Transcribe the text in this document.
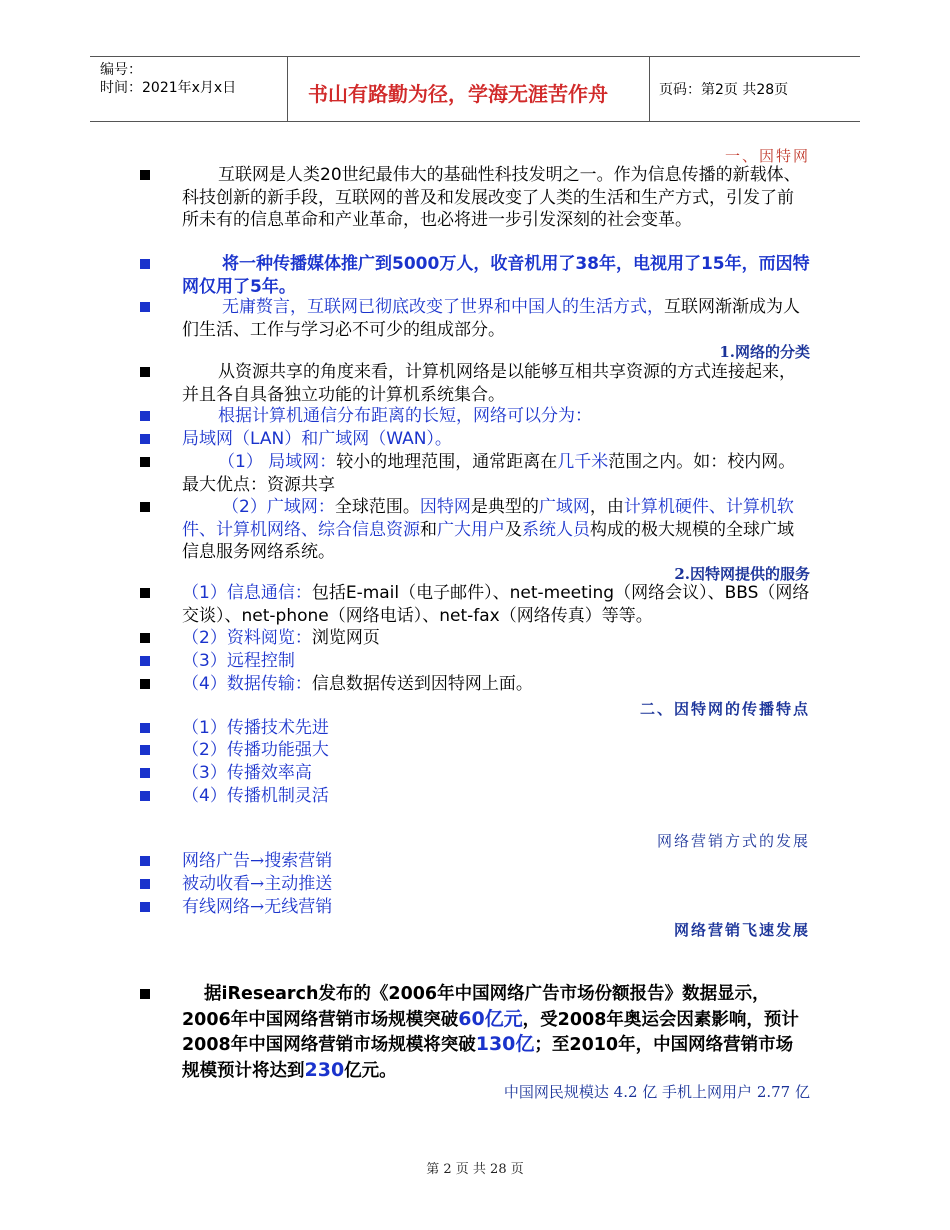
编号：
时间：2021年x月x日	书山有路勤为径，学海无涯苦作舟	页码：第2页 共28页
一、因特网
互联网是人类20世纪最伟大的基础性科技发明之一。作为信息传播的新载体、科技创新的新手段，互联网的普及和发展改变了人类的生活和生产方式，引发了前所未有的信息革命和产业革命，也必将进一步引发深刻的社会变革。
将一种传播媒体推广到5000万人，收音机用了38年，电视用了15年，而因特网仅用了5年。
无庸赘言，互联网已彻底改变了世界和中国人的生活方式，互联网渐渐成为人们生活、工作与学习必不可少的组成部分。
1.网络的分类
从资源共享的角度来看，计算机网络是以能够互相共享资源的方式连接起来，并且各自具备独立功能的计算机系统集合。
根据计算机通信分布距离的长短，网络可以分为：
局域网（LAN）和广域网（WAN）。
（1） 局域网：较小的地理范围，通常距离在几千米范围之内。如：校内网。最大优点：资源共享
（2）广域网：全球范围。因特网是典型的广域网，由计算机硬件、计算机软件、计算机网络、综合信息资源和广大用户及系统人员构成的极大规模的全球广域信息服务网络系统。
2.因特网提供的服务
（1）信息通信：包括E-mail（电子邮件）、net-meeting（网络会议）、BBS（网络交谈）、net-phone（网络电话）、net-fax（网络传真）等等。
（2）资料阅览：浏览网页
（3）远程控制
（4）数据传输：信息数据传送到因特网上面。
二、因特网的传播特点
（1）传播技术先进
（2）传播功能强大
（3）传播效率高
（4）传播机制灵活
网络营销方式的发展
网络广告→搜索营销
被动收看→主动推送
有线网络→无线营销
网络营销飞速发展
据iResearch发布的《2006年中国网络广告市场份额报告》数据显示，2006年中国网络营销市场规模突破60亿元，受2008年奥运会因素影响，预计2008年中国网络营销市场规模将突破130亿；至2010年，中国网络营销市场规模预计将达到230亿元。
中国网民规模达 4.2 亿 手机上网用户 2.77 亿
第 2 页 共 28 页
